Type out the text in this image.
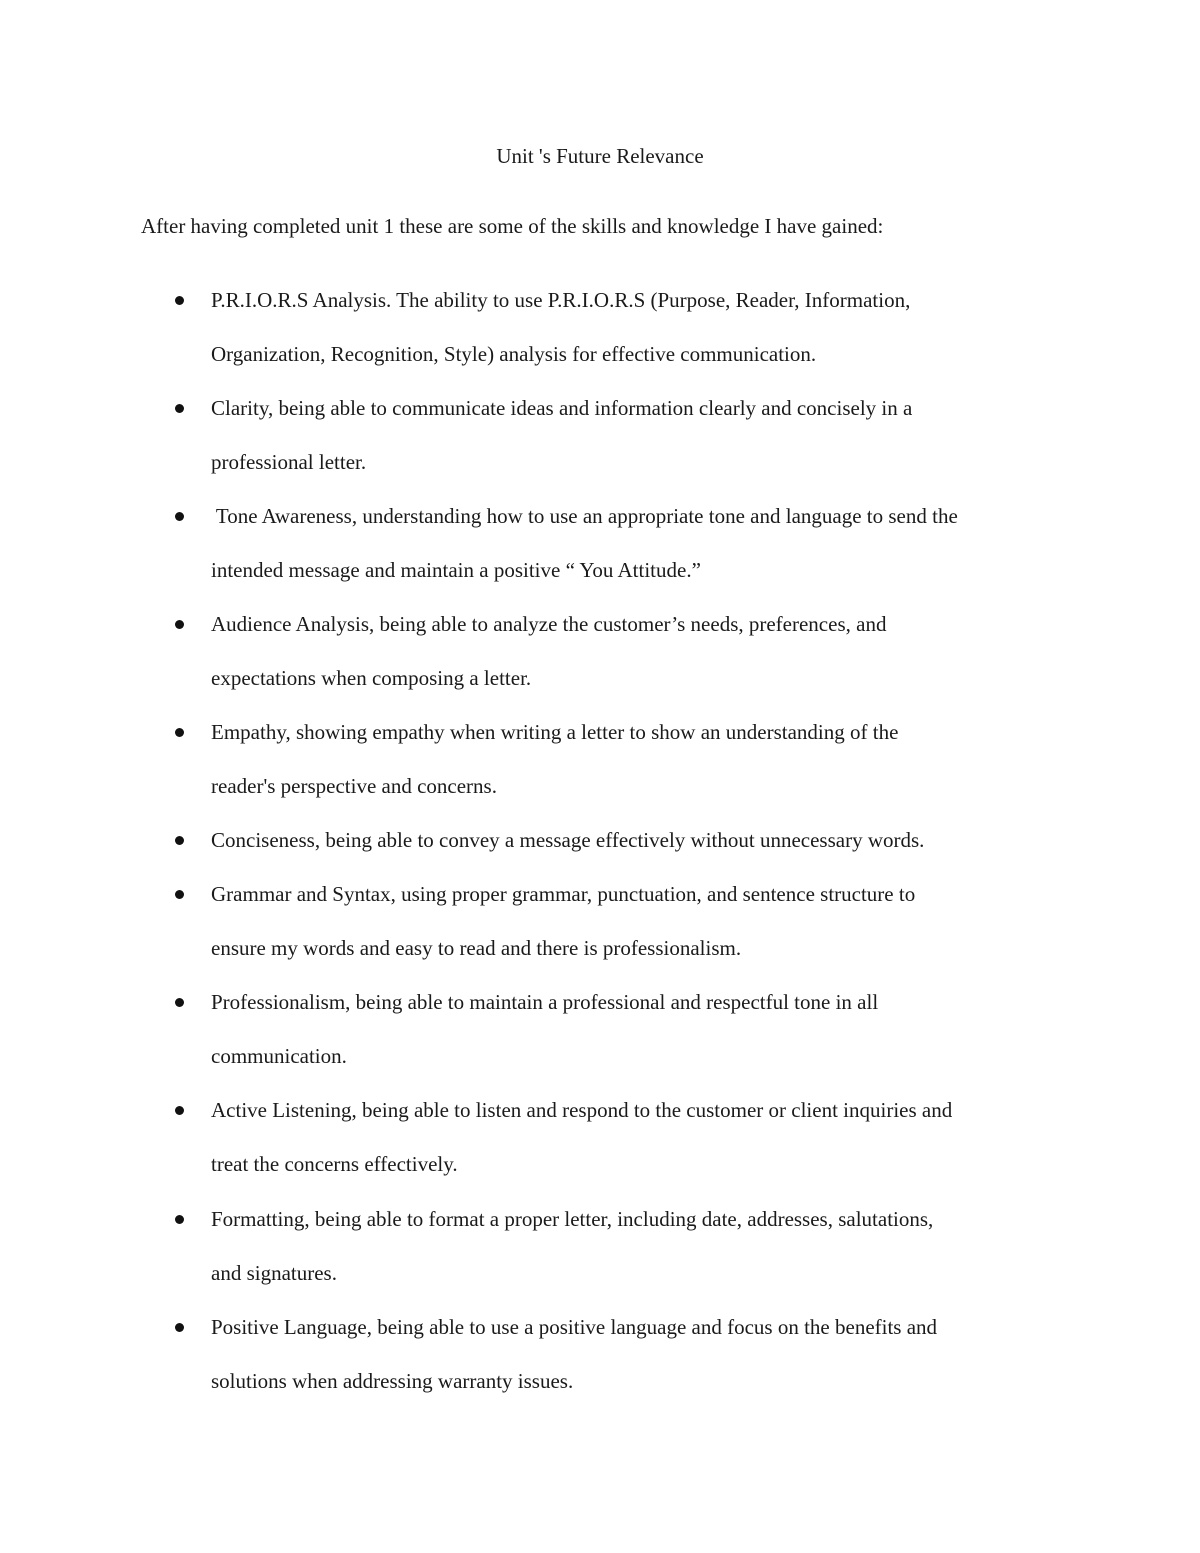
Unit 's Future Relevance
After having completed unit 1 these are some of the skills and knowledge I have gained:
P.R.I.O.R.S Analysis. The ability to use P.R.I.O.R.S (Purpose, Reader, Information,
Organization, Recognition, Style) analysis for effective communication.
Clarity, being able to communicate ideas and information clearly and concisely in a
professional letter.
Tone Awareness, understanding how to use an appropriate tone and language to send the
intended message and maintain a positive “ You Attitude.”
Audience Analysis, being able to analyze the customer’s needs, preferences, and
expectations when composing a letter.
Empathy, showing empathy when writing a letter to show an understanding of the
reader's perspective and concerns.
Conciseness, being able to convey a message effectively without unnecessary words.
Grammar and Syntax, using proper grammar, punctuation, and sentence structure to
ensure my words and easy to read and there is professionalism.
Professionalism, being able to maintain a professional and respectful tone in all
communication.
Active Listening, being able to listen and respond to the customer or client inquiries and
treat the concerns effectively.
Formatting, being able to format a proper letter, including date, addresses, salutations,
and signatures.
Positive Language, being able to use a positive language and focus on the benefits and
solutions when addressing warranty issues.
